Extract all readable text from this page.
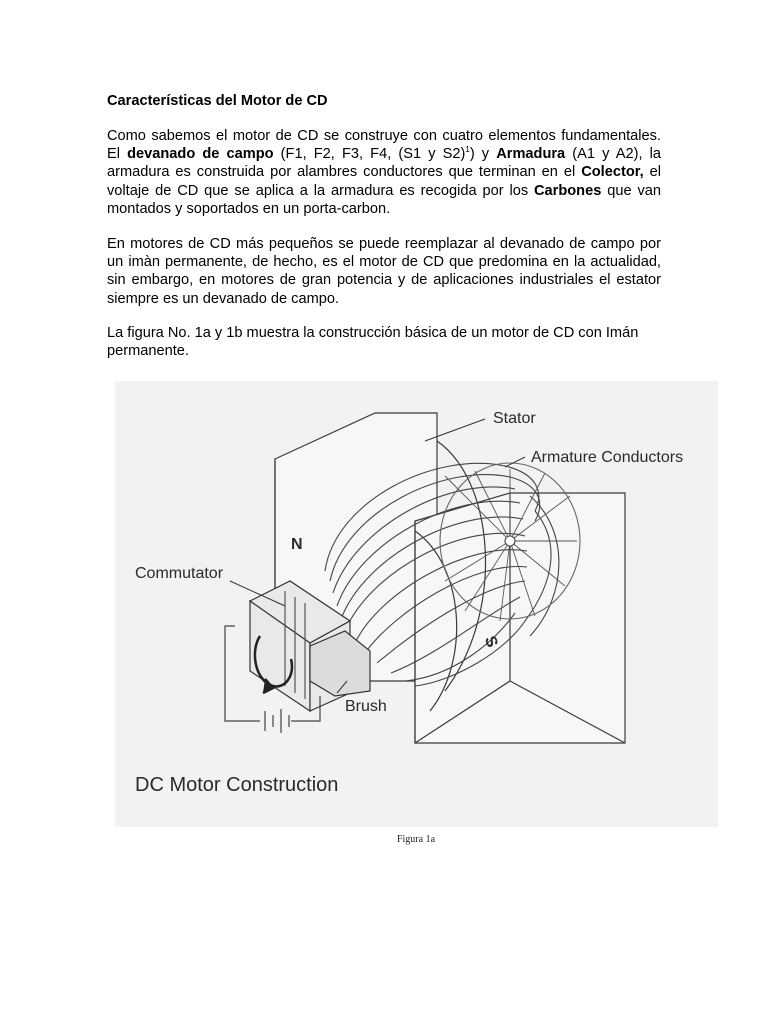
Características del Motor de CD

Como sabemos el motor de CD se construye con cuatro elementos fundamentales. El devanado de campo (F1, F2, F3, F4, (S1 y S2)$^1$) y Armadura (A1 y A2), la armadura es construida por alambres conductores que terminan en el Colector, el voltaje de CD que se aplica a la armadura es recogida por los Carbones que van montados y soportados en un porta-carbon.

En motores de CD más pequeños se puede reemplazar al devanado de campo por un imàn permanente, de hecho, es el motor de CD que predomina en la actualidad, sin embargo, en motores de gran potencia y de aplicaciones industriales el estator siempre es un devanado de campo.

La figura No. 1a y 1b muestra la construcción básica de un motor de CD con Imán permanente.

Stator
Armature Conductors
N
S
Commutator
Brush
DC Motor Construction
Figura 1a
